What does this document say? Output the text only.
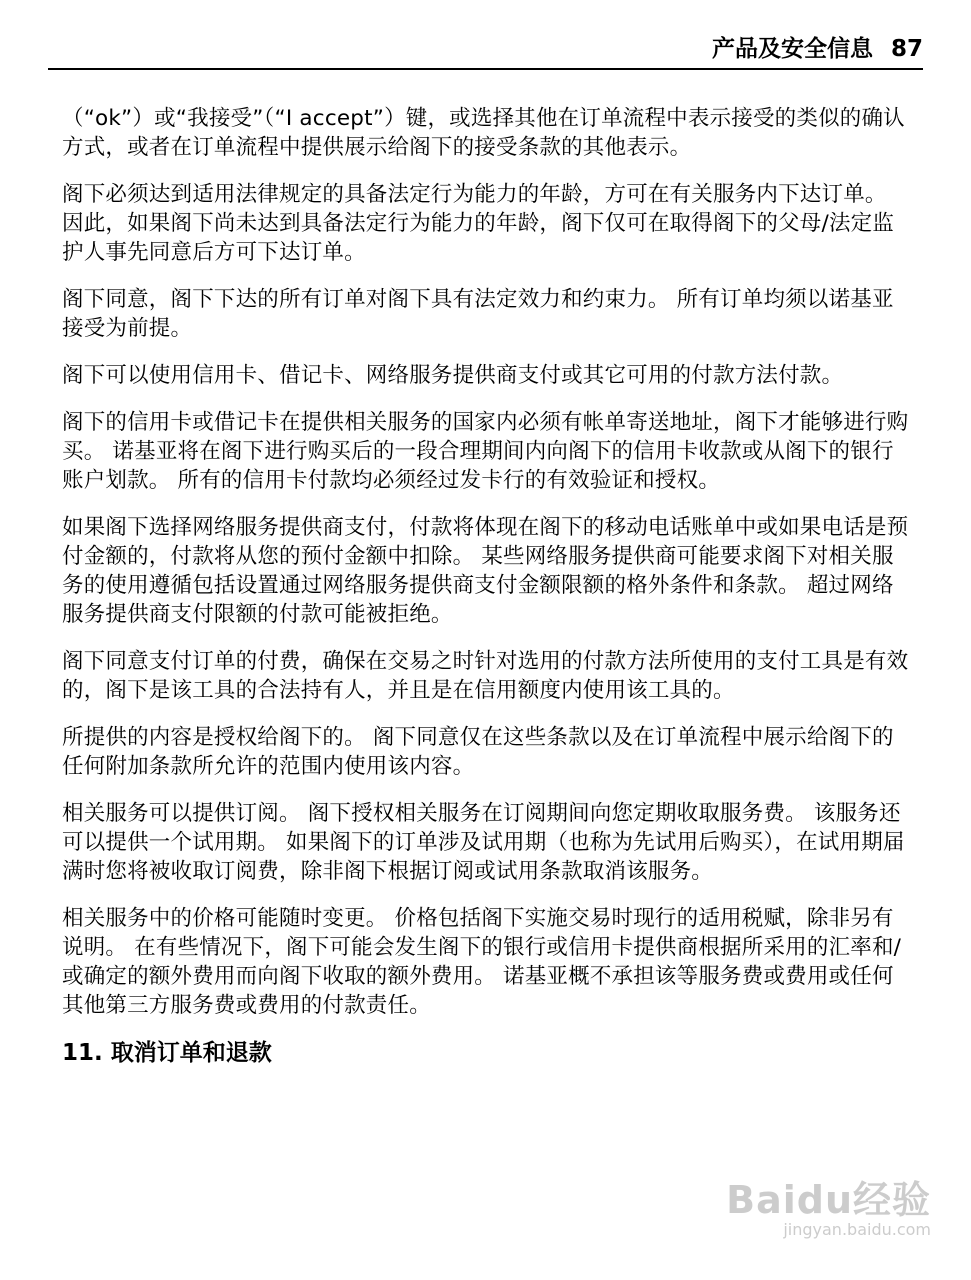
产品及安全信息 87

（“ok”）或“我接受”（“I accept”）键，或选择其他在订单流程中表示接受的类似的确认方式，或者在订单流程中提供展示给阁下的接受条款的其他表示。

阁下必须达到适用法律规定的具备法定行为能力的年龄，方可在有关服务内下达订单。 因此，如果阁下尚未达到具备法定行为能力的年龄，阁下仅可在取得阁下的父母/法定监护人事先同意后方可下达订单。

阁下同意，阁下下达的所有订单对阁下具有法定效力和约束力。 所有订单均须以诺基亚接受为前提。

阁下可以使用信用卡、借记卡、网络服务提供商支付或其它可用的付款方法付款。

阁下的信用卡或借记卡在提供相关服务的国家内必须有帐单寄送地址，阁下才能够进行购买。 诺基亚将在阁下进行购买后的一段合理期间内向阁下的信用卡收款或从阁下的银行账户划款。 所有的信用卡付款均必须经过发卡行的有效验证和授权。

如果阁下选择网络服务提供商支付，付款将体现在阁下的移动电话账单中或如果电话是预付金额的，付款将从您的预付金额中扣除。 某些网络服务提供商可能要求阁下对相关服务的使用遵循包括设置通过网络服务提供商支付金额限额的格外条件和条款。 超过网络服务提供商支付限额的付款可能被拒绝。

阁下同意支付订单的付费，确保在交易之时针对选用的付款方法所使用的支付工具是有效的，阁下是该工具的合法持有人，并且是在信用额度内使用该工具的。

所提供的内容是授权给阁下的。 阁下同意仅在这些条款以及在订单流程中展示给阁下的任何附加条款所允许的范围内使用该内容。

相关服务可以提供订阅。 阁下授权相关服务在订阅期间向您定期收取服务费。 该服务还可以提供一个试用期。 如果阁下的订单涉及试用期（也称为先试用后购买），在试用期届满时您将被收取订阅费，除非阁下根据订阅或试用条款取消该服务。

相关服务中的价格可能随时变更。 价格包括阁下实施交易时现行的适用税赋，除非另有说明。 在有些情况下，阁下可能会发生阁下的银行或信用卡提供商根据所采用的汇率和/或确定的额外费用而向阁下收取的额外费用。 诺基亚概不承担该等服务费或费用或任何其他第三方服务费或费用的付款责任。

11. 取消订单和退款
Baidu经验
jingyan.baidu.com
